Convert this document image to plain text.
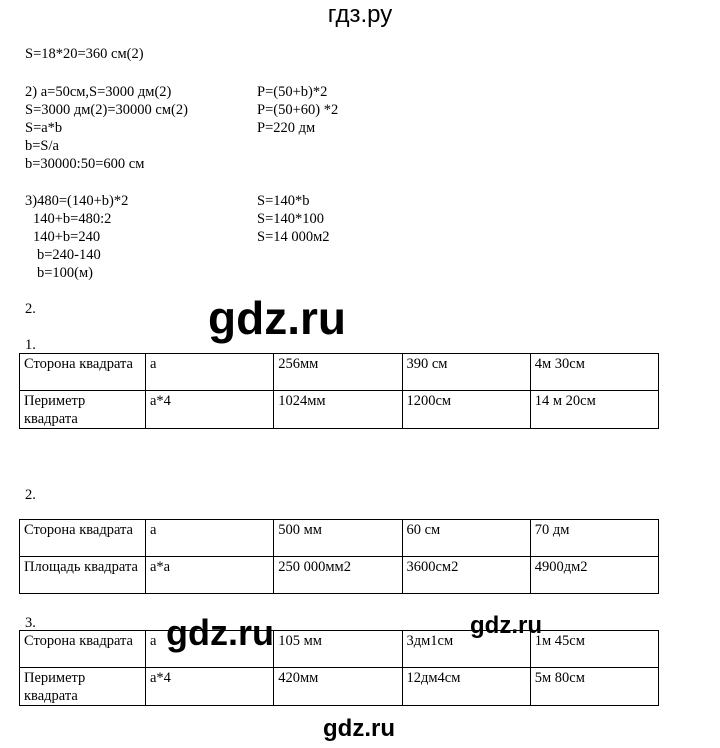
гдз.ру
S=18*20=360 см(2)
2) a=50см,S=3000 дм(2)
S=3000 дм(2)=30000 см(2)
S=a*b
b=S/a
b=30000:50=600 см
P=(50+b)*2
P=(50+60) *2
P=220 дм
3)480=(140+b)*2
140+b=480:2
140+b=240
b=240-140
b=100(м)
S=140*b
S=140*100
S=14 000м2
2.
1.
2.
3.
Сторона квадрата	a	256мм	390 см	4м 30см
Периметр квадрата	a*4	1024мм	1200см	14 м 20см
Сторона квадрата	a	500 мм	60 см	70 дм
Площадь квадрата	a*a	250 000мм2	3600см2	4900дм2
Сторона квадрата	a	105 мм	3дм1см	1м 45см
Периметр квадрата	a*4	420мм	12дм4см	5м 80см
gdz.ru
gdz.ru	gdz.ru
gdz.ru
